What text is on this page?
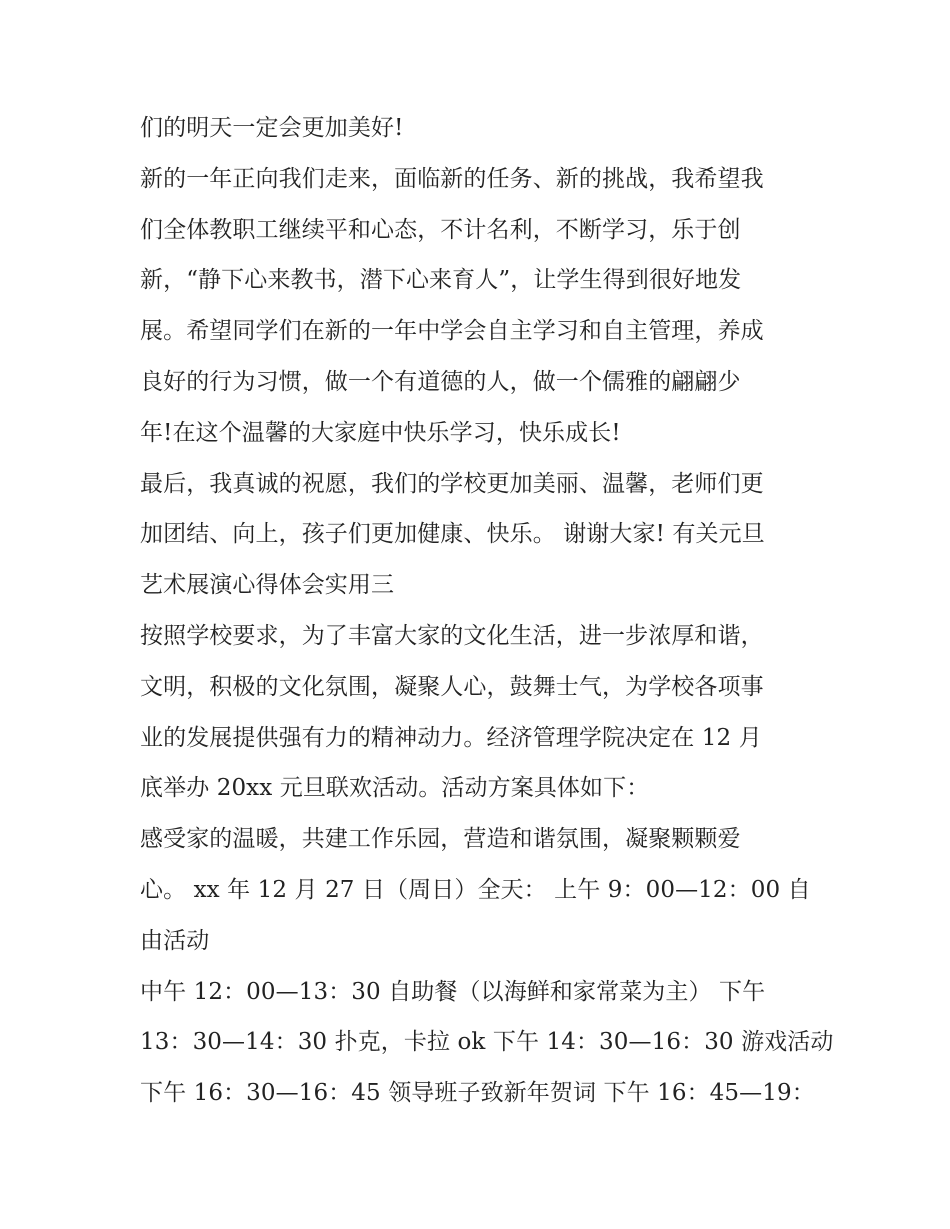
们的明天一定会更加美好!
新的一年正向我们走来，面临新的任务、新的挑战，我希望我
们全体教职工继续平和心态，不计名利，不断学习，乐于创
新，“静下心来教书，潜下心来育人”，让学生得到很好地发
展。希望同学们在新的一年中学会自主学习和自主管理，养成
良好的行为习惯，做一个有道德的人，做一个儒雅的翩翩少
年!在这个温馨的大家庭中快乐学习，快乐成长!
最后，我真诚的祝愿，我们的学校更加美丽、温馨，老师们更
加团结、向上，孩子们更加健康、快乐。 谢谢大家! 有关元旦
艺术展演心得体会实用三
按照学校要求，为了丰富大家的文化生活，进一步浓厚和谐，
文明，积极的文化氛围，凝聚人心，鼓舞士气，为学校各项事
业的发展提供强有力的精神动力。经济管理学院决定在 12 月
底举办 20xx 元旦联欢活动。活动方案具体如下：
感受家的温暖，共建工作乐园，营造和谐氛围，凝聚颗颗爱
心。 xx 年 12 月 27 日（周日）全天： 上午 9：00—12：00 自
由活动
中午 12：00—13：30 自助餐（以海鲜和家常菜为主） 下午
13：30—14：30 扑克，卡拉 ok 下午 14：30—16：30 游戏活动
下午 16：30—16：45 领导班子致新年贺词 下午 16：45—19：
